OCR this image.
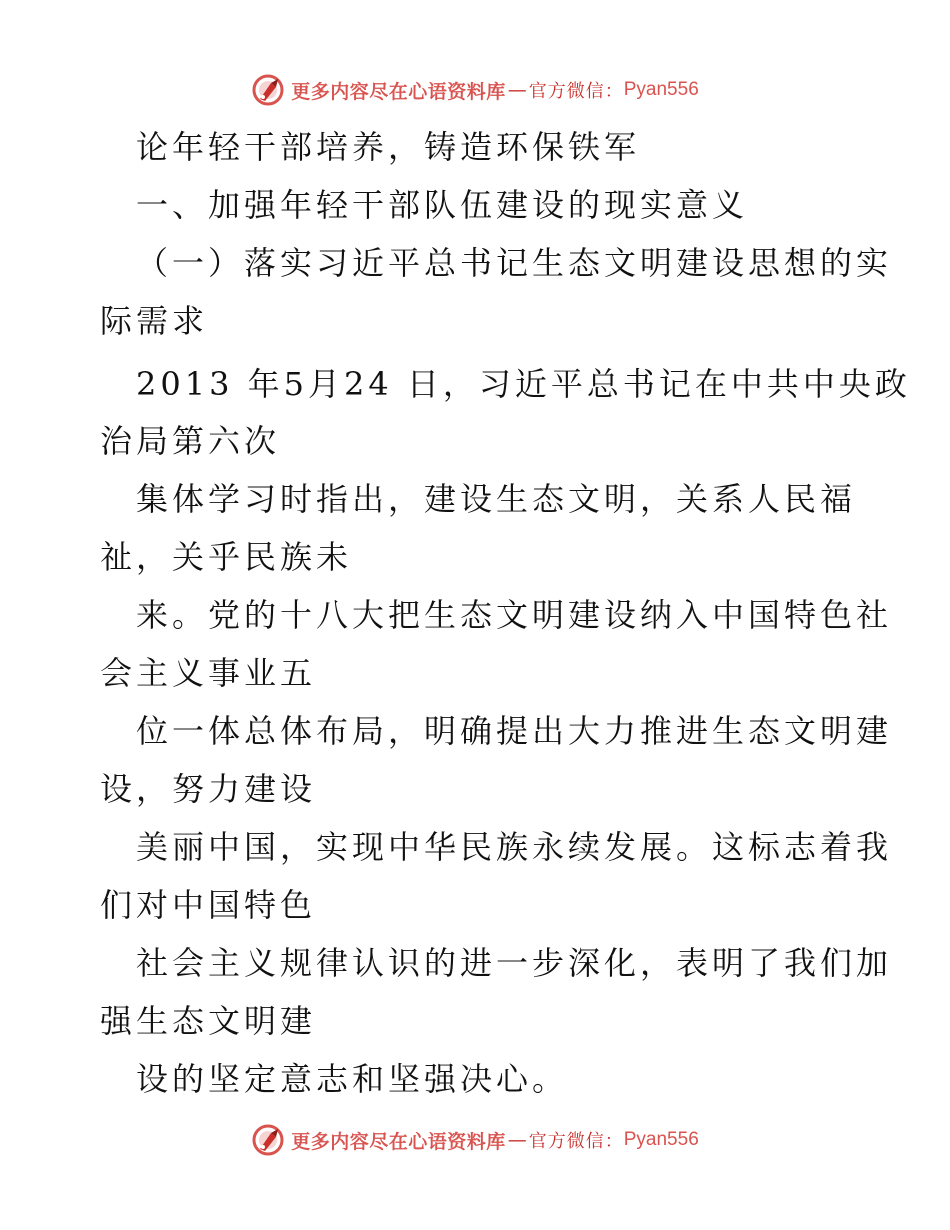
更多内容尽在心语资料库 — 官方微信： Pyan556
论年轻干部培养，铸造环保铁军
一、加强年轻干部队伍建设的现实意义
（一）落实习近平总书记生态文明建设思想的实
际需求
2013 年5月24 日，习近平总书记在中共中央政
治局第六次
集体学习时指出，建设生态文明，关系人民福
祉，关乎民族未
来。党的十八大把生态文明建设纳入中国特色社
会主义事业五
位一体总体布局，明确提出大力推进生态文明建
设，努力建设
美丽中国，实现中华民族永续发展。这标志着我
们对中国特色
社会主义规律认识的进一步深化，表明了我们加
强生态文明建
设的坚定意志和坚强决心。
更多内容尽在心语资料库 — 官方微信： Pyan556
